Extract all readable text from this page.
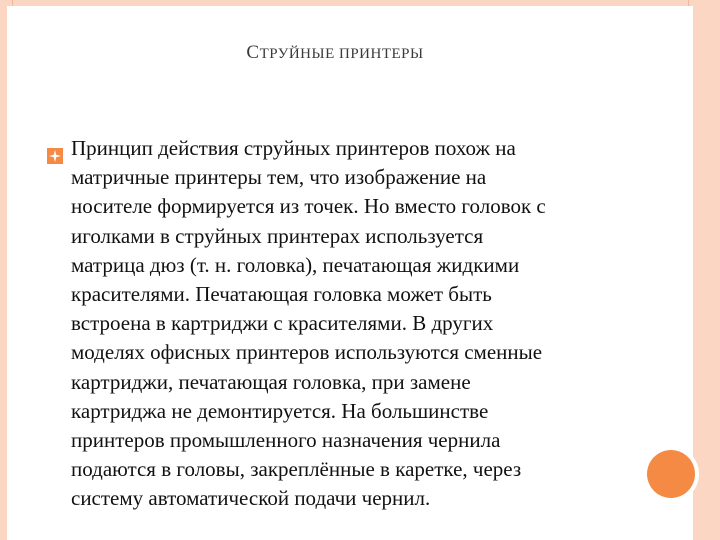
СТРУЙНЫЕ ПРИНТЕРЫ
Принцип действия струйных принтеров похож на
матричные принтеры тем, что изображение на
носителе формируется из точек. Но вместо головок с
иголками в струйных принтерах используется
матрица дюз (т. н. головка), печатающая жидкими
красителями. Печатающая головка может быть
встроена в картриджи с красителями. В других
моделях офисных принтеров используются сменные
картриджи, печатающая головка, при замене
картриджа не демонтируется. На большинстве
принтеров промышленного назначения чернила
подаются в головы, закреплённые в каретке, через
систему автоматической подачи чернил.
